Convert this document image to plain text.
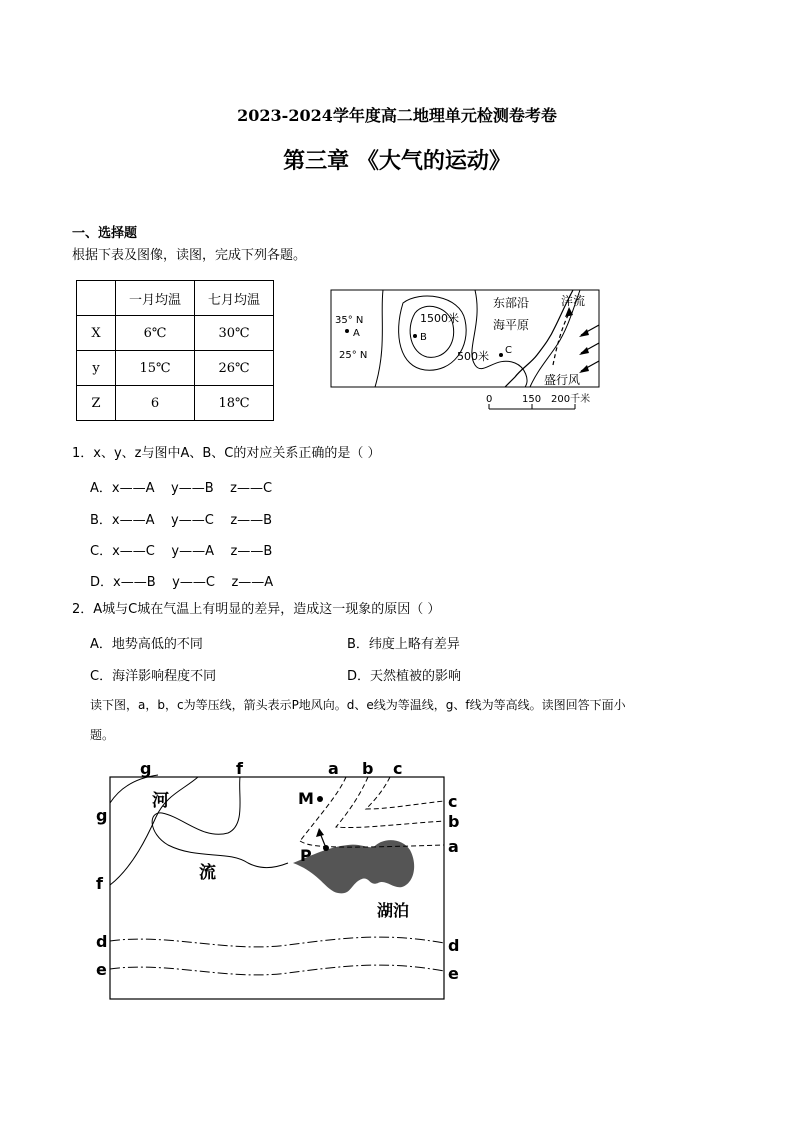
2023-2024学年度高二地理单元检测卷考卷
第三章 《大气的运动》
一、选择题
根据下表及图像，读图，完成下列各题。
	一月均温	七月均温
X	6℃	30℃
y	15℃	26℃
Z	6	18℃
35° N
A
25° N
B
C
1500米
500米
东部沿
海平原
洋流
盛行风
0	150 200千米
1．x、y、z与图中A、B、C的对应关系正确的是（ ）
A．x——A    y——B    z——C
B．x——A    y——C    z——B
C．x——C    y——A    z——B
D．x——B    y——C    z——A
2．A城与C城在气温上有明显的差异，造成这一现象的原因（ ）
A．地势高低的不同	B．纬度上略有差异
C．海洋影响程度不同	D．天然植被的影响
读下图，a，b，c为等压线，箭头表示P地风向。d、e线为等温线，g、f线为等高线。读图回答下面小
题。
g	f	a b c
g
f
d
e
c
b
a
d
e
河
流
湖泊
M
P
